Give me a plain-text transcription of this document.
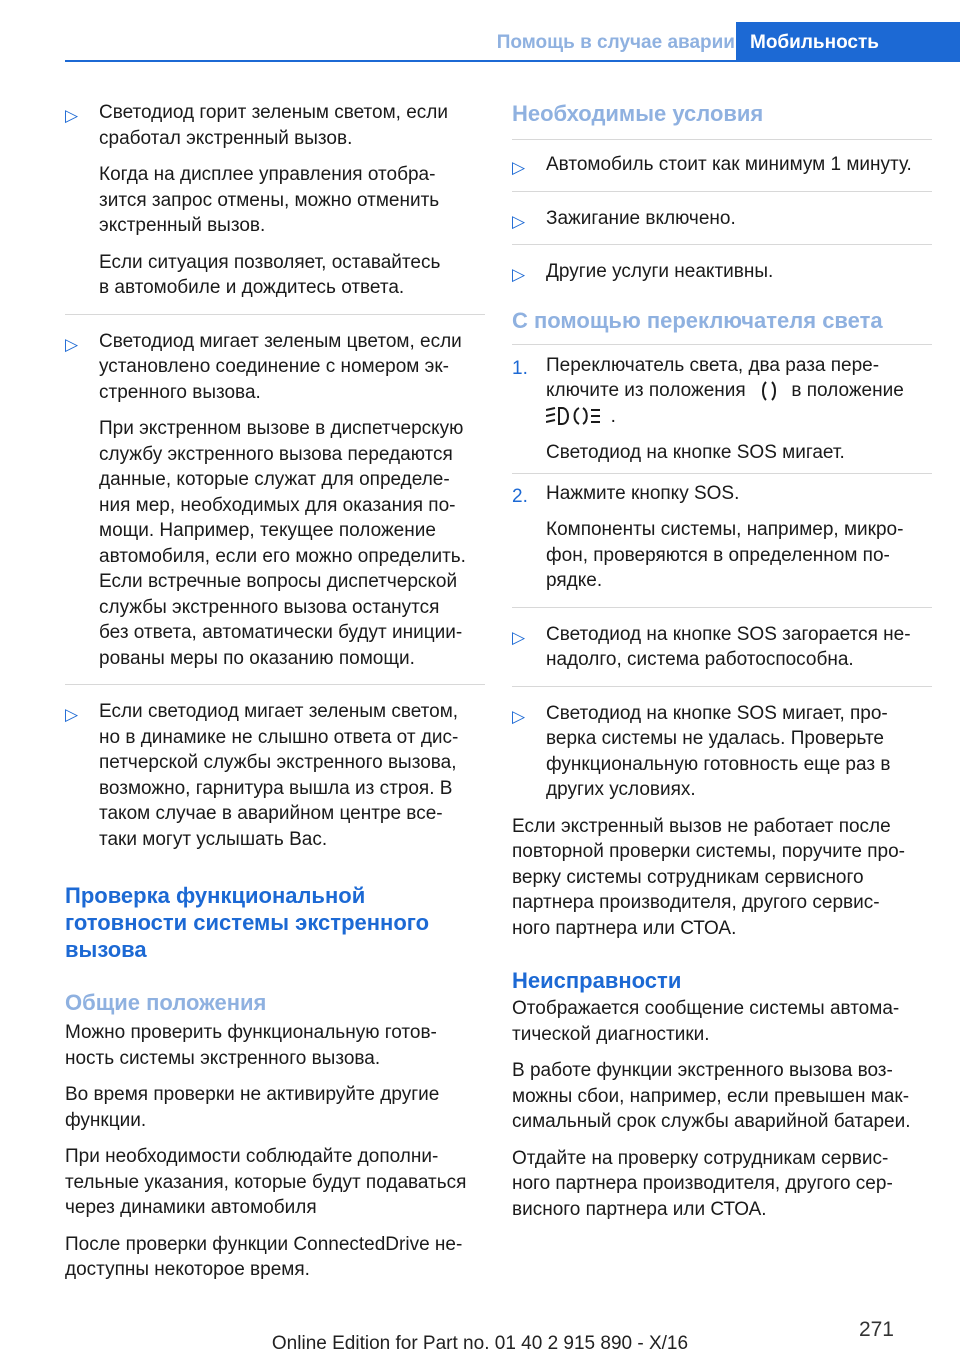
Помощь в случае аварии Мобильность
▷ Светодиод горит зеленым светом, если
сработал экстренный вызов.

Когда на дисплее управления отобра‐
зится запрос отмены, можно отменить
экстренный вызов.

Если ситуация позволяет, оставайтесь
в автомобиле и дождитесь ответа.

▷ Светодиод мигает зеленым цветом, если
установлено соединение с номером эк‐
стренного вызова.

При экстренном вызове в диспетчерскую
службу экстренного вызова передаются
данные, которые служат для определе‐
ния мер, необходимых для оказания по‐
мощи. Например, текущее положение
автомобиля, если его можно определить.
Если встречные вопросы диспетчерской
службы экстренного вызова останутся
без ответа, автоматически будут иниции‐
рованы меры по оказанию помощи.

▷ Если светодиод мигает зеленым светом,
но в динамике не слышно ответа от дис‐
петчерской службы экстренного вызова,
возможно, гарнитура вышла из строя. В
таком случае в аварийном центре все-
таки могут услышать Вас.

Проверка функциональной
готовности системы экстренного
вызова
Общие положения

Можно проверить функциональную готов‐
ность системы экстренного вызова.

Во время проверки не активируйте другие
функции.

При необходимости соблюдайте дополни‐
тельные указания, которые будут подаваться
через динамики автомобиля

После проверки функции ConnectedDrive не‐
доступны некоторое время.

Необходимые условия
▷ Автомобиль стоит как минимум 1 минуту.

▷ Зажигание включено.

▷ Другие услуги неактивны.

С помощью переключателя света
1. Переключатель света, два раза пере‐
ключите из положения в положение
.

Светодиод на кнопке SOS мигает.

2. Нажмите кнопку SOS.

Компоненты системы, например, микро‐
фон, проверяются в определенном по‐
рядке.

▷ Светодиод на кнопке SOS загорается не‐
надолго, система работоспособна.

▷ Светодиод на кнопке SOS мигает, про‐
верка системы не удалась. Проверьте
функциональную готовность еще раз в
других условиях.

Если экстренный вызов не работает после
повторной проверки системы, поручите про‐
верку системы сотрудникам сервисного
партнера производителя, другого сервис‐
ного партнера или СТОА.

Неисправности

Отображается сообщение системы автома‐
тической диагностики.

В работе функции экстренного вызова воз‐
можны сбои, например, если превышен мак‐
симальный срок службы аварийной батареи.

Отдайте на проверку сотрудникам сервис‐
ного партнера производителя, другого сер‐
висного партнера или СТОА.

271
Online Edition for Part no. 01 40 2 915 890 - X/16
